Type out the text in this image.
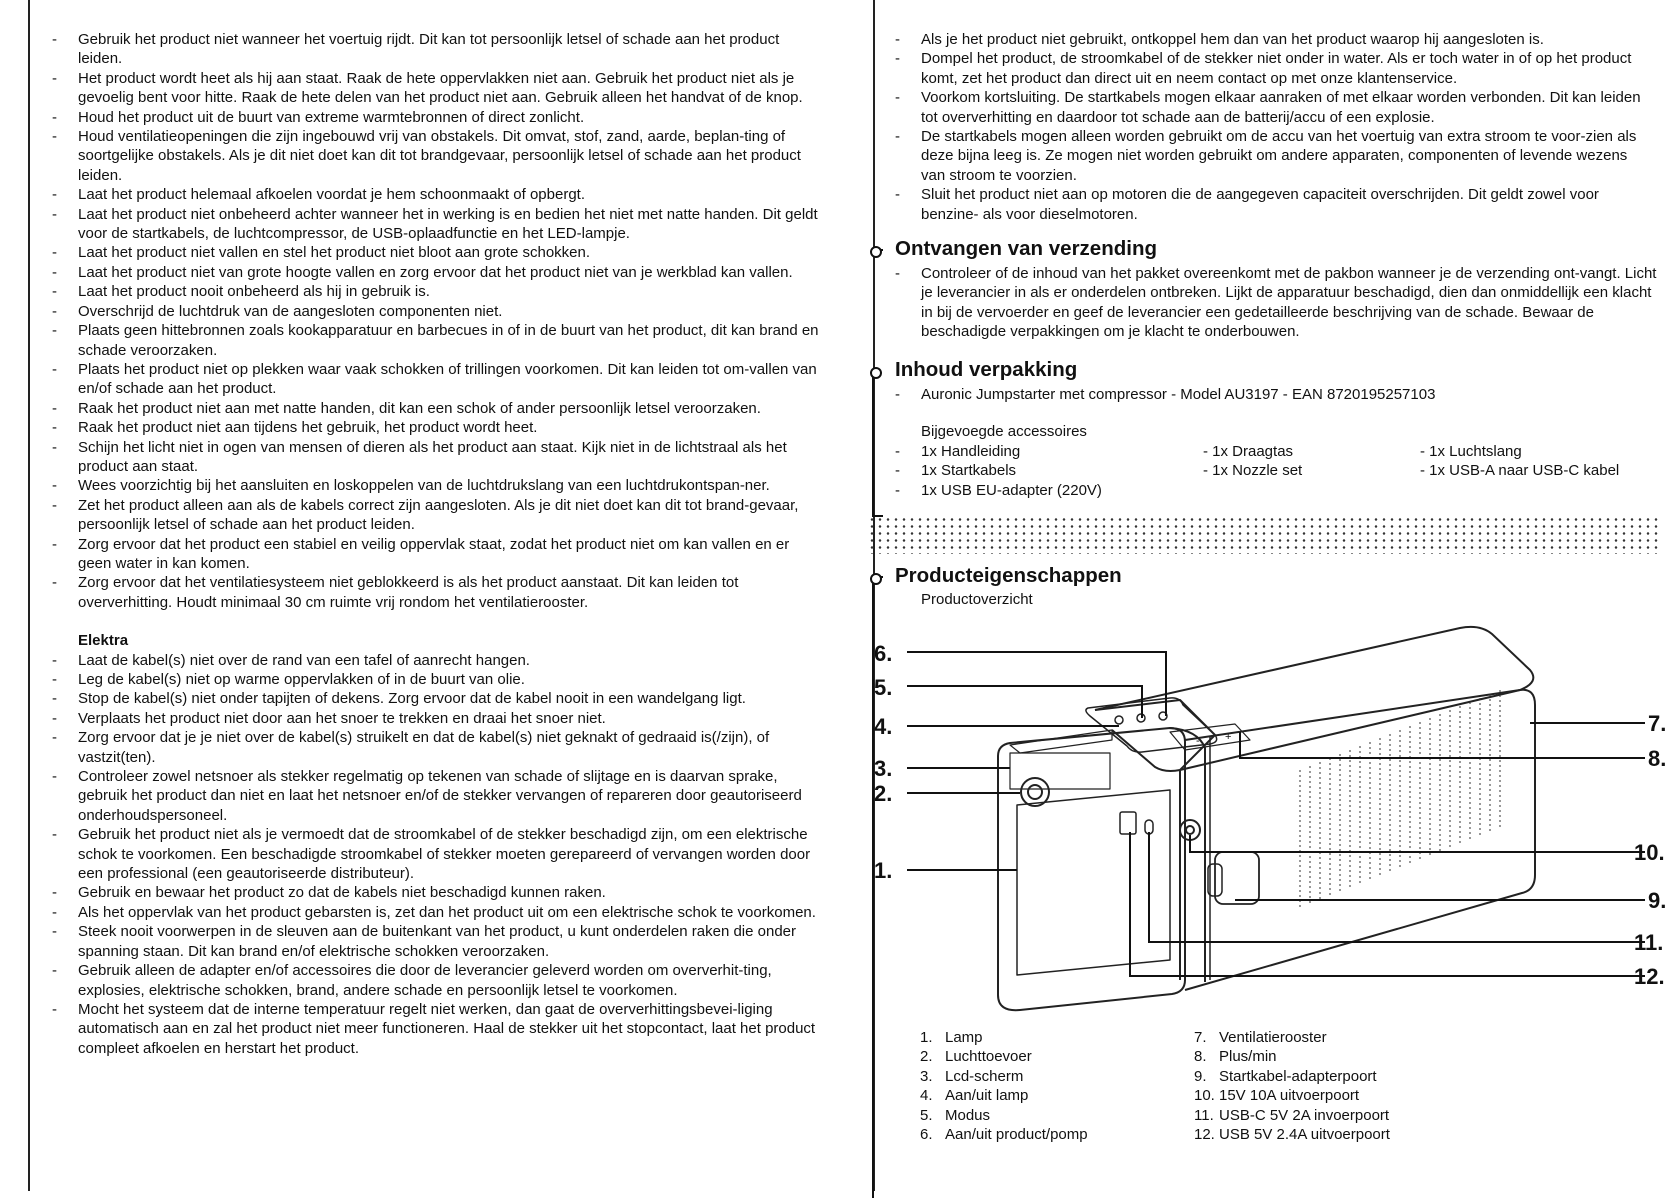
- Gebruik het product niet wanneer het voertuig rijdt. Dit kan tot persoonlijk letsel of schade aan het product leiden.
- Het product wordt heet als hij aan staat. Raak de hete oppervlakken niet aan. Gebruik het product niet als je gevoelig bent voor hitte. Raak de hete delen van het product niet aan. Gebruik alleen het handvat of de knop.
- Houd het product uit de buurt van extreme warmtebronnen of direct zonlicht.
- Houd ventilatieopeningen die zijn ingebouwd vrij van obstakels. Dit omvat, stof, zand, aarde, beplan-ting of soortgelijke obstakels. Als je dit niet doet kan dit tot brandgevaar, persoonlijk letsel of schade aan het product leiden.
- Laat het product helemaal afkoelen voordat je hem schoonmaakt of opbergt.
- Laat het product niet onbeheerd achter wanneer het in werking is en bedien het niet met natte handen. Dit geldt voor de startkabels, de luchtcompressor, de USB-oplaadfunctie en het LED-lampje.
- Laat het product niet vallen en stel het product niet bloot aan grote schokken.
- Laat het product niet van grote hoogte vallen en zorg ervoor dat het product niet van je werkblad kan vallen.
- Laat het product nooit onbeheerd als hij in gebruik is.
- Overschrijd de luchtdruk van de aangesloten componenten niet.
- Plaats geen hittebronnen zoals kookapparatuur en barbecues in of in de buurt van het product, dit kan brand en schade veroorzaken.
- Plaats het product niet op plekken waar vaak schokken of trillingen voorkomen. Dit kan leiden tot om-vallen van en/of schade aan het product.
- Raak het product niet aan met natte handen, dit kan een schok of ander persoonlijk letsel veroorzaken.
- Raak het product niet aan tijdens het gebruik, het product wordt heet.
- Schijn het licht niet in ogen van mensen of dieren als het product aan staat. Kijk niet in de lichtstraal als het product aan staat.
- Wees voorzichtig bij het aansluiten en loskoppelen van de luchtdrukslang van een luchtdrukontspan-ner.
- Zet het product alleen aan als de kabels correct zijn aangesloten. Als je dit niet doet kan dit tot brand-gevaar, persoonlijk letsel of schade aan het product leiden.
- Zorg ervoor dat het product een stabiel en veilig oppervlak staat, zodat het product niet om kan vallen en er geen water in kan komen.
- Zorg ervoor dat het ventilatiesysteem niet geblokkeerd is als het product aanstaat. Dit kan leiden tot oververhitting. Houdt minimaal 30 cm ruimte vrij rondom het ventilatierooster.
Elektra
- Laat de kabel(s) niet over de rand van een tafel of aanrecht hangen.
- Leg de kabel(s) niet op warme oppervlakken of in de buurt van olie.
- Stop de kabel(s) niet onder tapijten of dekens. Zorg ervoor dat de kabel nooit in een wandelgang ligt.
- Verplaats het product niet door aan het snoer te trekken en draai het snoer niet.
- Zorg ervoor dat je je niet over de kabel(s) struikelt en dat de kabel(s) niet geknakt of gedraaid is(/zijn), of vastzit(ten).
- Controleer zowel netsnoer als stekker regelmatig op tekenen van schade of slijtage en is daarvan sprake, gebruik het product dan niet en laat het netsnoer en/of de stekker vervangen of repareren door geautoriseerd onderhoudspersoneel.
- Gebruik het product niet als je vermoedt dat de stroomkabel of de stekker beschadigd zijn, om een elektrische schok te voorkomen. Een beschadigde stroomkabel of stekker moeten gerepareerd of vervangen worden door een professional (een geautoriseerde distributeur).
- Gebruik en bewaar het product zo dat de kabels niet beschadigd kunnen raken.
- Als het oppervlak van het product gebarsten is, zet dan het product uit om een elektrische schok te voorkomen.
- Steek nooit voorwerpen in de sleuven aan de buitenkant van het product, u kunt onderdelen raken die onder spanning staan. Dit kan brand en/of elektrische schokken veroorzaken.
- Gebruik alleen de adapter en/of accessoires die door de leverancier geleverd worden om oververhit-ting, explosies, elektrische schokken, brand, andere schade en persoonlijk letsel te voorkomen.
- Mocht het systeem dat de interne temperatuur regelt niet werken, dan gaat de oververhittingsbevei-liging automatisch aan en zal het product niet meer functioneren. Haal de stekker uit het stopcontact, laat het product compleet afkoelen en herstart het product.
- Als je het product niet gebruikt, ontkoppel hem dan van het product waarop hij aangesloten is.
- Dompel het product, de stroomkabel of de stekker niet onder in water. Als er toch water in of op het product komt, zet het product dan direct uit en neem contact op met onze klantenservice.
- Voorkom kortsluiting. De startkabels mogen elkaar aanraken of met elkaar worden verbonden. Dit kan leiden tot oververhitting en daardoor tot schade aan de batterij/accu of een explosie.
- De startkabels mogen alleen worden gebruikt om de accu van het voertuig van extra stroom te voor-zien als deze bijna leeg is. Ze mogen niet worden gebruikt om andere apparaten, componenten of levende wezens van stroom te voorzien.
- Sluit het product niet aan op motoren die de aangegeven capaciteit overschrijden. Dit geldt zowel voor benzine- als voor dieselmotoren.
Ontvangen van verzending
- Controleer of de inhoud van het pakket overeenkomt met de pakbon wanneer je de verzending ont-vangt. Licht je leverancier in als er onderdelen ontbreken. Lijkt de apparatuur beschadigd, dien dan onmiddellijk een klacht in bij de vervoerder en geef de leverancier een gedetailleerde beschrijving van de schade. Bewaar de beschadigde verpakkingen om je klacht te onderbouwen.
Inhoud verpakking
- Auronic Jumpstarter met compressor - Model AU3197 - EAN 8720195257103
Bijgevoegde accessoires
- 1x Handleiding
- 1x Startkabels
- 1x USB EU-adapter (220V)
- 1x Draagtas
- 1x Nozzle set
- 1x Luchtslang
- 1x USB-A naar USB-C kabel
Producteigenschappen
Productoverzicht
6.
5.
4.
3.
2.
1.
7.
8.
10.
9.
11.
12.
- +
1. Lamp
2. Luchttoevoer
3. Lcd-scherm
4. Aan/uit lamp
5. Modus
6. Aan/uit product/pomp
7. Ventilatierooster
8. Plus/min
9. Startkabel-adapterpoort
10. 15V 10A uitvoerpoort
11. USB-C 5V 2A invoerpoort
12. USB 5V 2.4A uitvoerpoort
